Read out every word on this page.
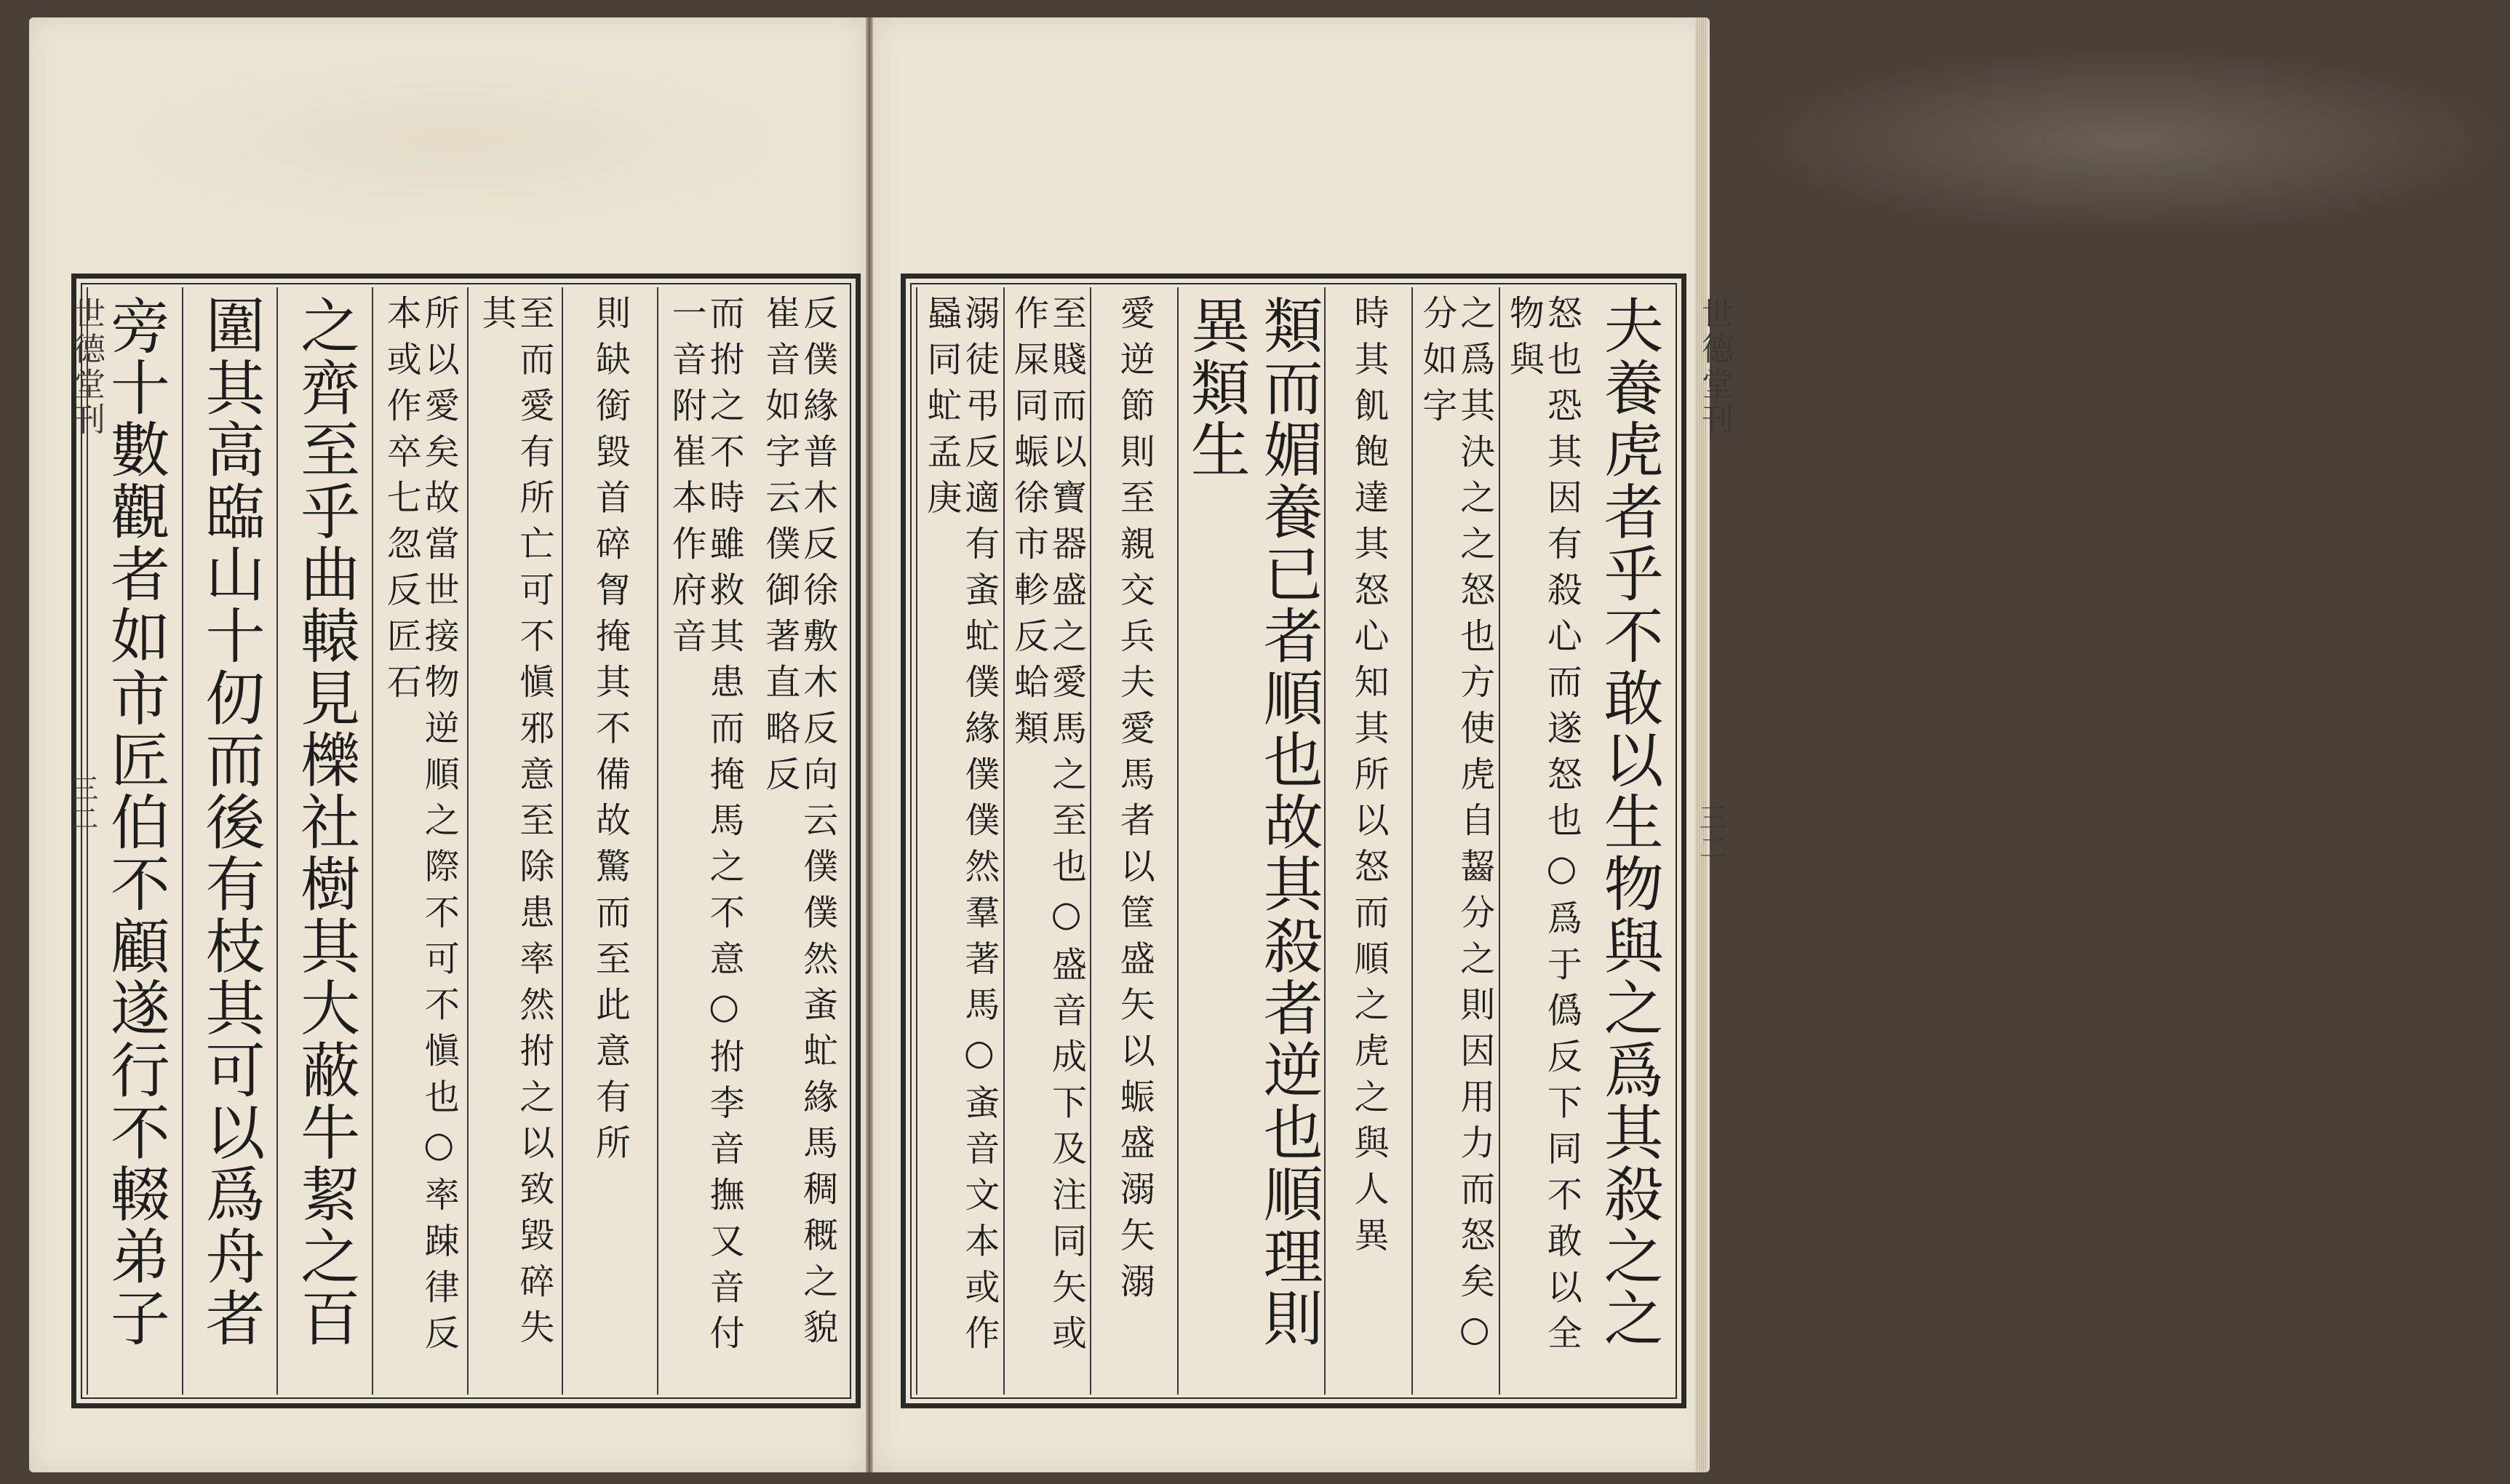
夫養虎者乎不敢以生物與之爲其殺之之
怒也恐其因有殺心而遂怒也○爲于僞反下同不敢以全物與
之爲其決之之怒也方使虎自齧分之則因用力而怒矣○分如字
時其飢飽達其怒心知其所以怒而順之虎之與人異
類而媚養已者順也故其殺者逆也順理則異類生
愛逆節則至親交兵夫愛馬者以筐盛矢以蜄盛溺矢溺
至賤而以寶器盛之愛馬之至也○盛音成下及注同矢或作屎同蜄徐市軫反蛤類
溺徒弔反適有蚉虻僕緣僕僕然羣著馬○蚉音文本或作蟁同虻孟庚
反僕緣普木反徐敷木反向云僕僕然蚉虻緣馬稠穊之貌崔音如字云僕御著直略反
而拊之不時雖救其患而掩馬之不意○拊李音撫又音付一音附崔本作府音
則缺銜毀首碎胷掩其不備故驚而至此意有所
至而愛有所亡可不愼邪意至除患率然拊之以致毀碎失其
所以愛矣故當世接物逆順之際不可不愼也○率踈律反本或作卒七忽反匠石
之齊至乎曲轅見櫟社樹其大蔽牛絜之百
圍其高臨山十仞而後有枝其可以爲舟者
旁十數觀者如市匠伯不顧遂行不輟弟子	世德堂刊
三二
世德堂刊
三二
